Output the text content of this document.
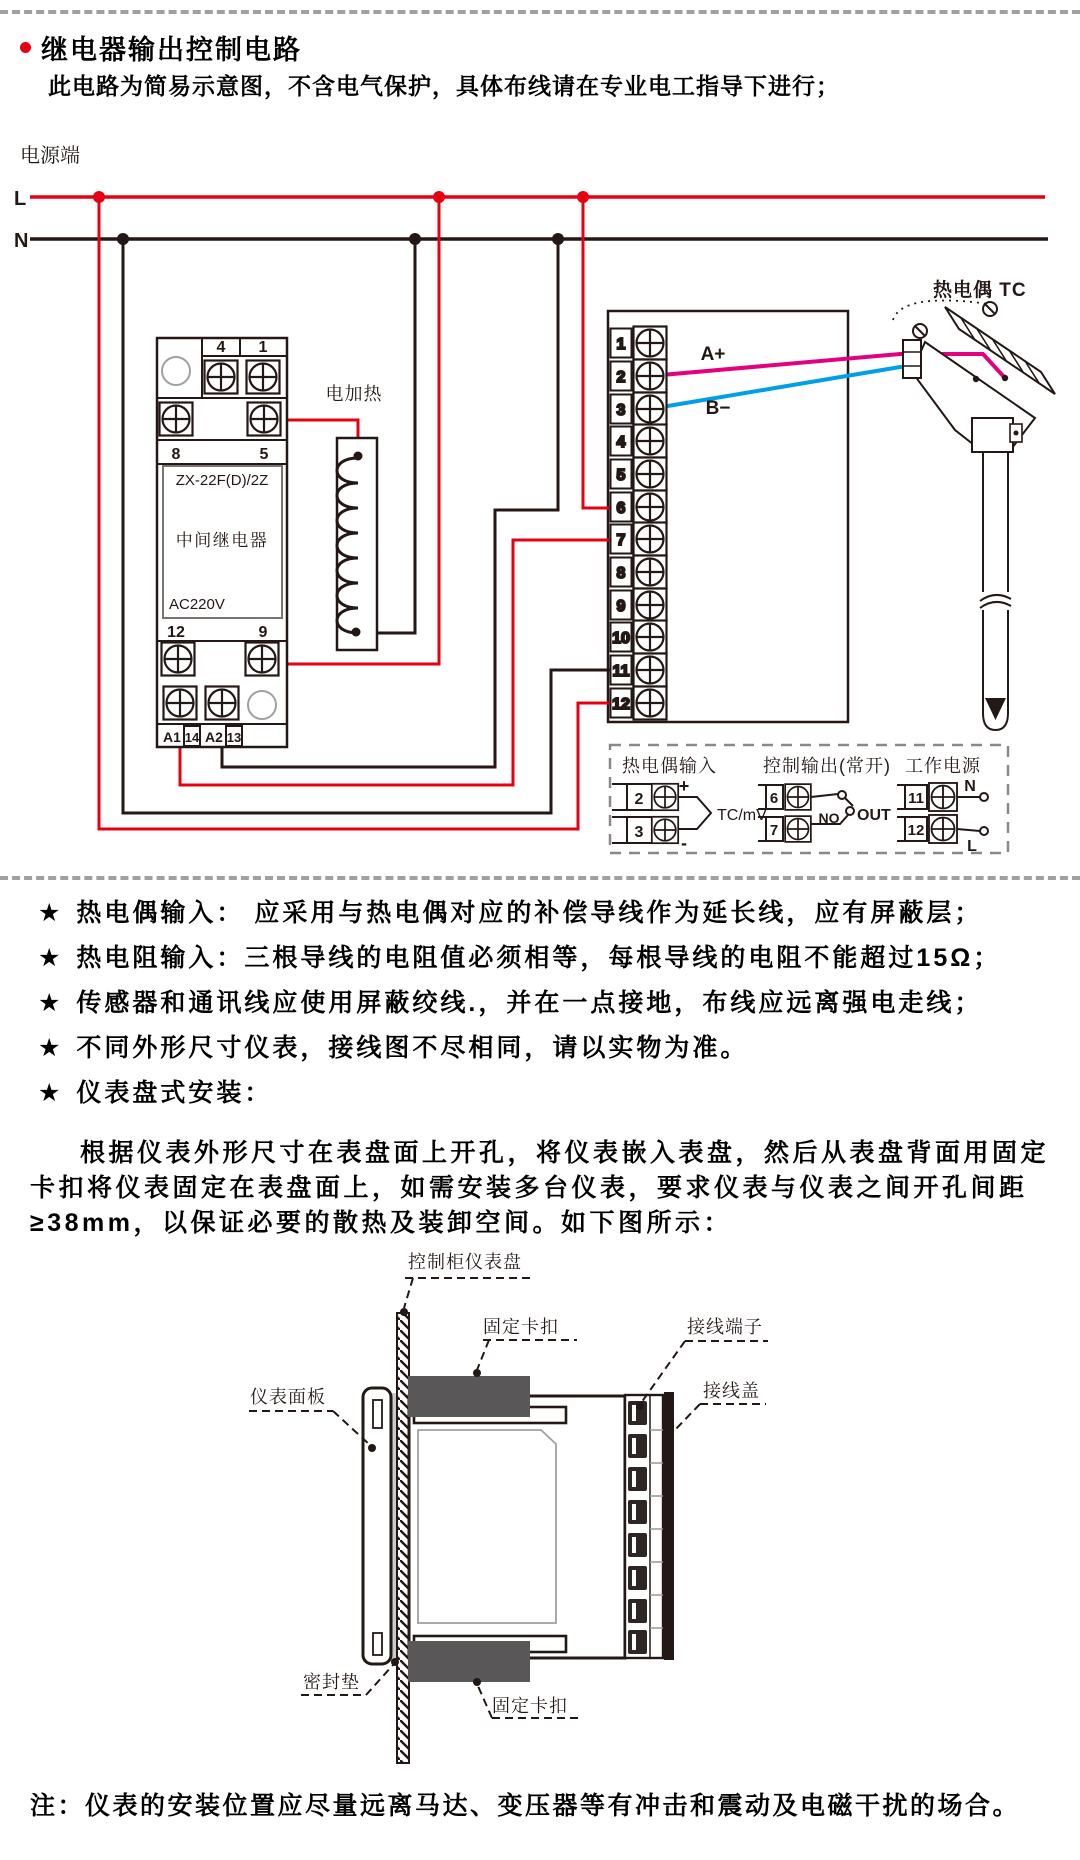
继电器输出控制电路
此电路为简易示意图，不含电气保护，具体布线请在专业电工指导下进行；
电源端
L
N
4 1
8	5
ZX-22F(D)/2Z
中间继电器
AC220V
12	9
A1 14 A2 13
电加热
1
2
3
4
5
6
7
8
9
10
11
12
A+
B−
热电偶 TC
热电偶输入
2
3
+
-
TC/mV
控制输出(常开)
6
7
NO OUT
工作电源
11
12
N
L
★ 热电偶输入： 应采用与热电偶对应的补偿导线作为延长线，应有屏蔽层；
★ 热电阻输入：三根导线的电阻值必须相等，每根导线的电阻不能超过15Ω；
★ 传感器和通讯线应使用屏蔽绞线.，并在一点接地，布线应远离强电走线；
★ 不同外形尺寸仪表，接线图不尽相同，请以实物为准。
★ 仪表盘式安装：
根据仪表外形尺寸在表盘面上开孔，将仪表嵌入表盘，然后从表盘背面用固定卡扣将仪表固定在表盘面上，如需安装多台仪表，要求仪表与仪表之间开孔间距≥38mm，以保证必要的散热及装卸空间。如下图所示：
控制柜仪表盘
固定卡扣	接线端子
接线盖
仪表面板
密封垫
固定卡扣
注：仪表的安装位置应尽量远离马达、变压器等有冲击和震动及电磁干扰的场合。
